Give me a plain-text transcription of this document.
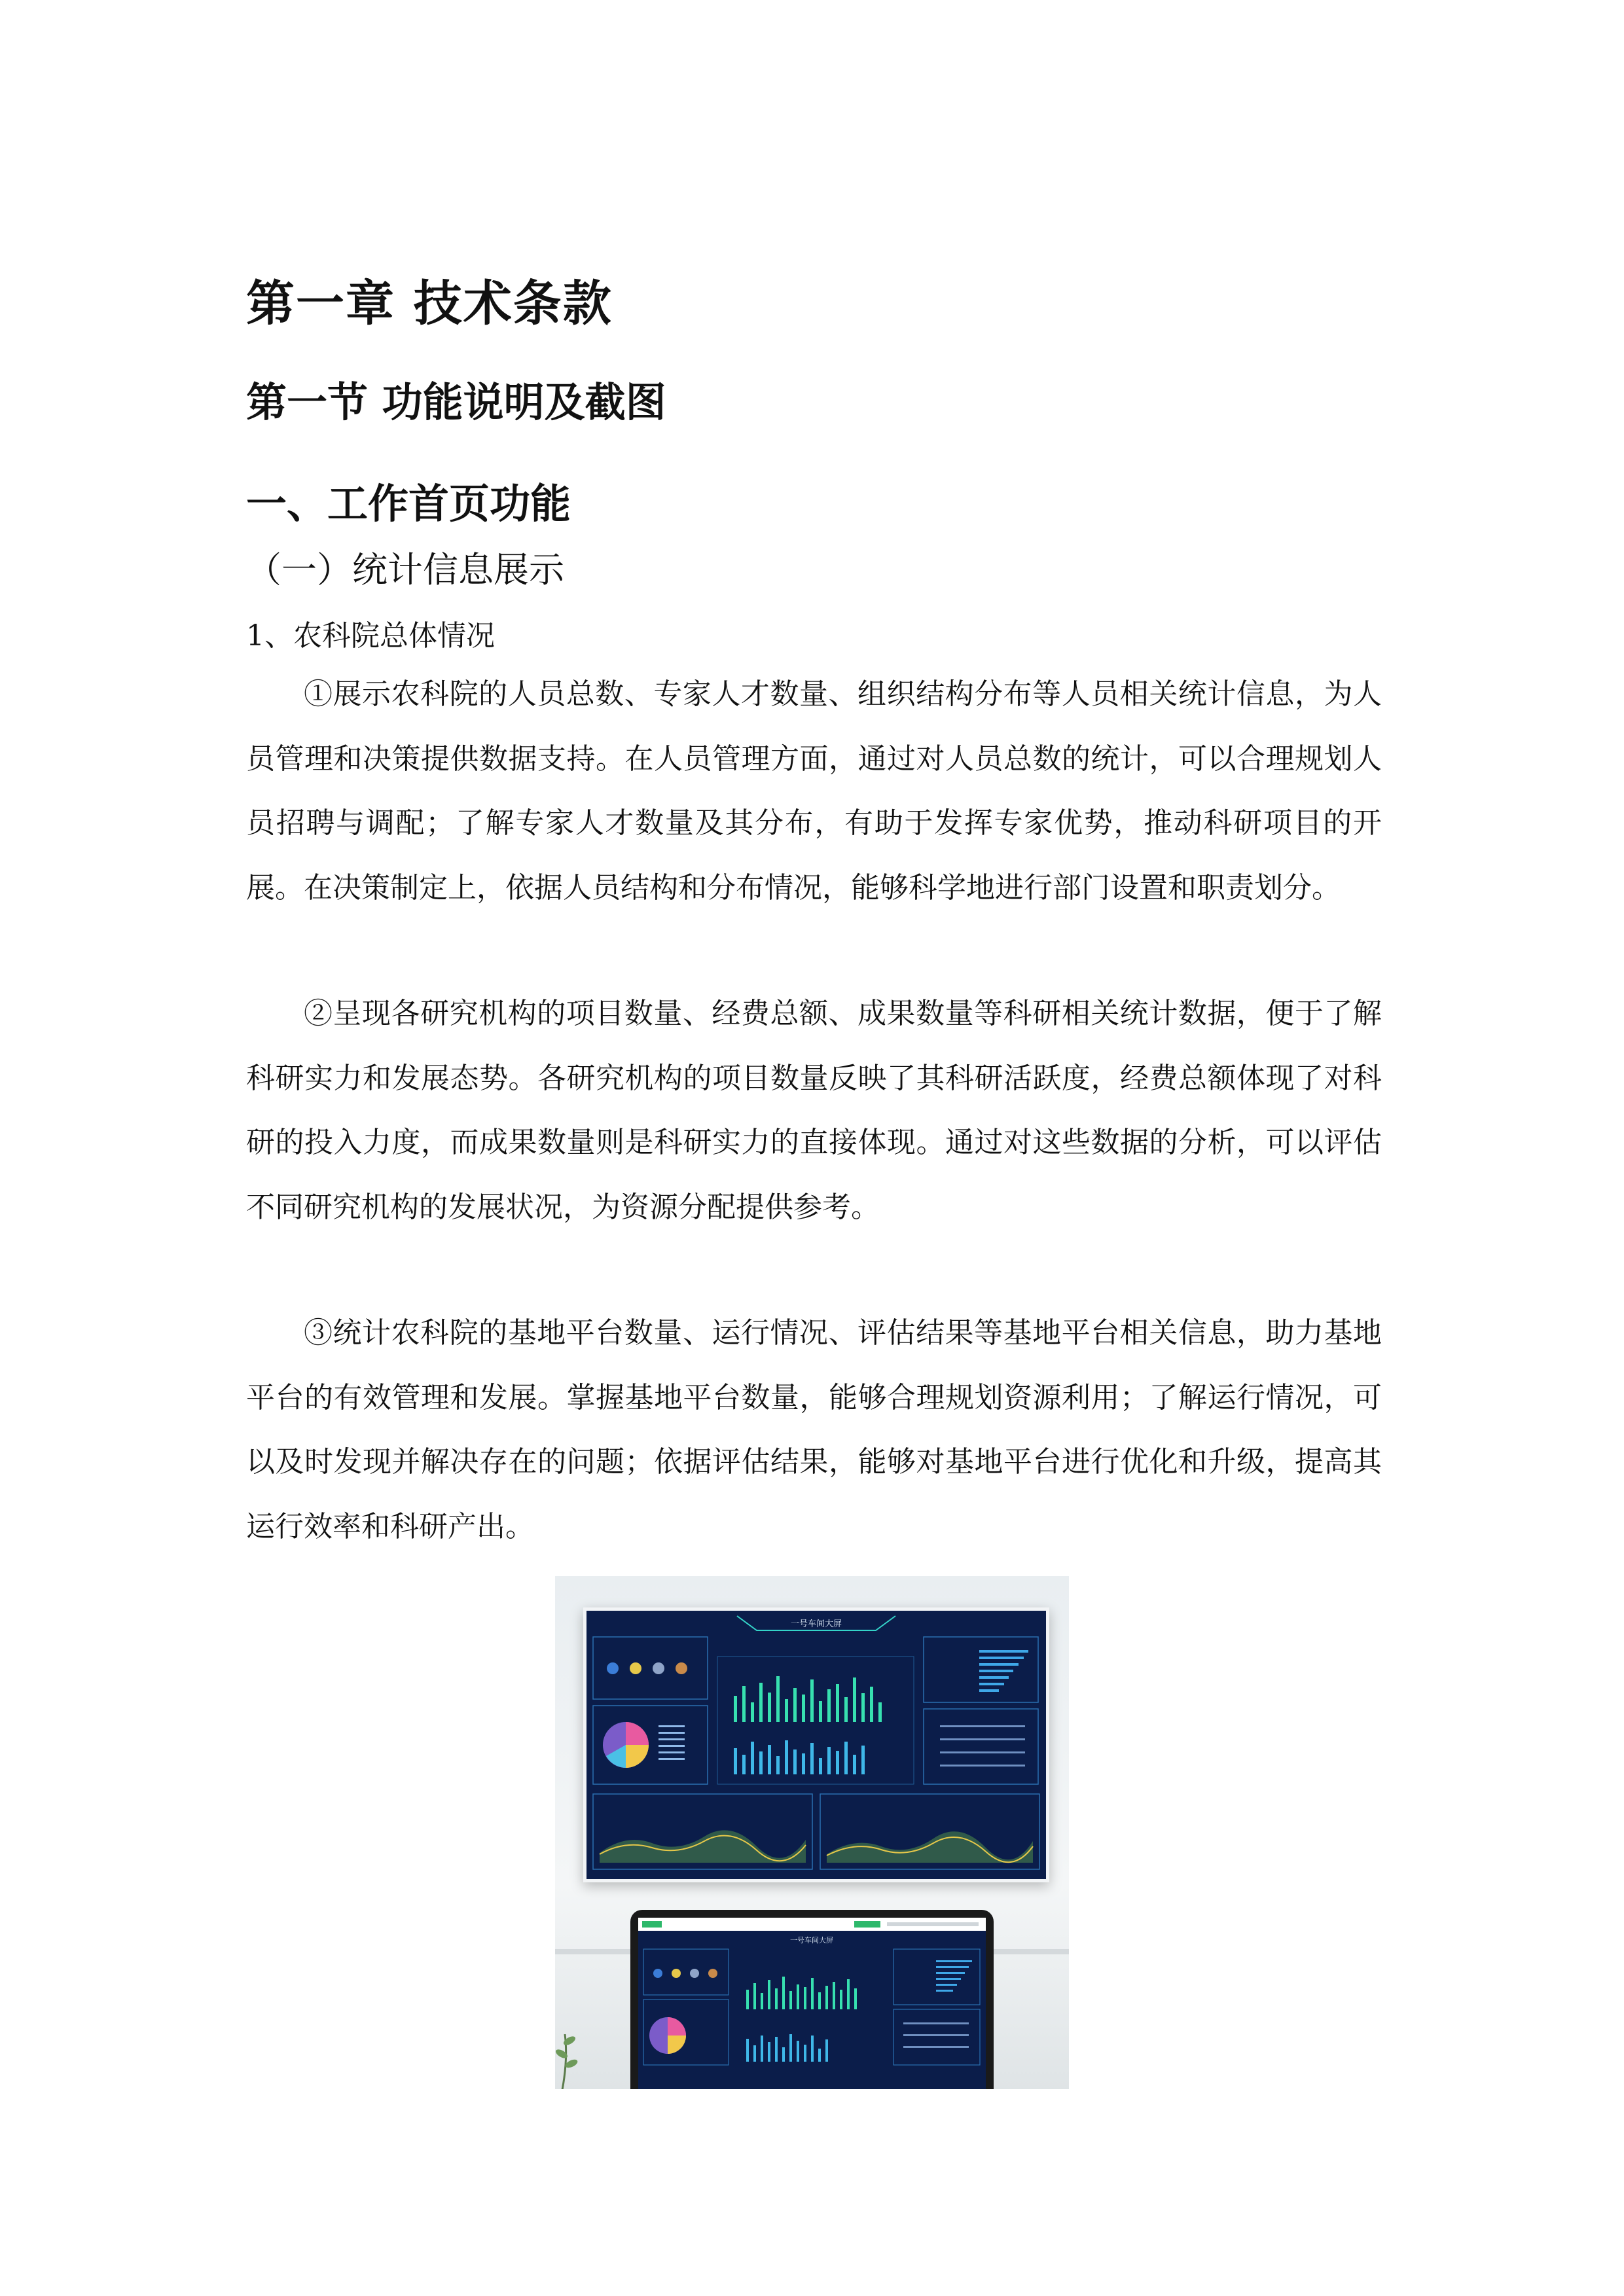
第一章 技术条款
第一节 功能说明及截图
一、工作首页功能
（一）统计信息展示
1、农科院总体情况

①展示农科院的人员总数、专家人才数量、组织结构分布等人员相关统计信息，为人员管理和决策提供数据支持。在人员管理方面，通过对人员总数的统计，可以合理规划人员招聘与调配；了解专家人才数量及其分布，有助于发挥专家优势，推动科研项目的开展。在决策制定上，依据人员结构和分布情况，能够科学地进行部门设置和职责划分。

②呈现各研究机构的项目数量、经费总额、成果数量等科研相关统计数据，便于了解科研实力和发展态势。各研究机构的项目数量反映了其科研活跃度，经费总额体现了对科研的投入力度，而成果数量则是科研实力的直接体现。通过对这些数据的分析，可以评估不同研究机构的发展状况，为资源分配提供参考。

③统计农科院的基地平台数量、运行情况、评估结果等基地平台相关信息，助力基地平台的有效管理和发展。掌握基地平台数量，能够合理规划资源利用；了解运行情况，可以及时发现并解决存在的问题；依据评估结果，能够对基地平台进行优化和升级，提高其运行效率和科研产出。

一号车间大屏
一号车间大屏
